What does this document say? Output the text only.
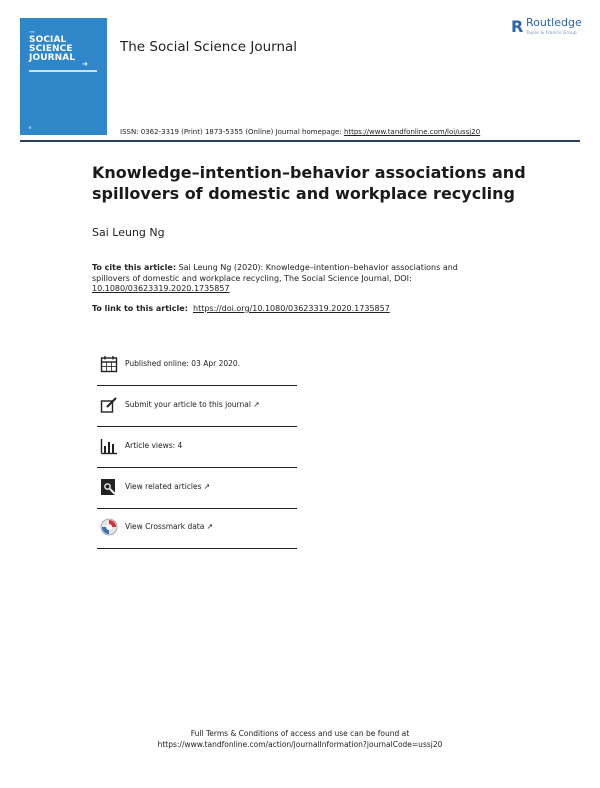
THE
SOCIAL
SCIENCE
JOURNAL
➜
R
The Social Science Journal
R Routledge
Taylor & Francis Group
ISSN: 0362-3319 (Print) 1873-5355 (Online) Journal homepage: https://www.tandfonline.com/loi/ussj20
Knowledge–intention–behavior associations and spillovers of domestic and workplace recycling
Sai Leung Ng
To cite this article: Sai Leung Ng (2020): Knowledge–intention–behavior associations and spillovers of domestic and workplace recycling, The Social Science Journal, DOI: 10.1080/03623319.2020.1735857
To link to this article: https://doi.org/10.1080/03623319.2020.1735857
Published online: 03 Apr 2020.
Submit your article to this journal ↗
Article views: 4
View related articles ↗
View Crossmark data ↗
Full Terms & Conditions of access and use can be found at
https://www.tandfonline.com/action/journalInformation?journalCode=ussj20
